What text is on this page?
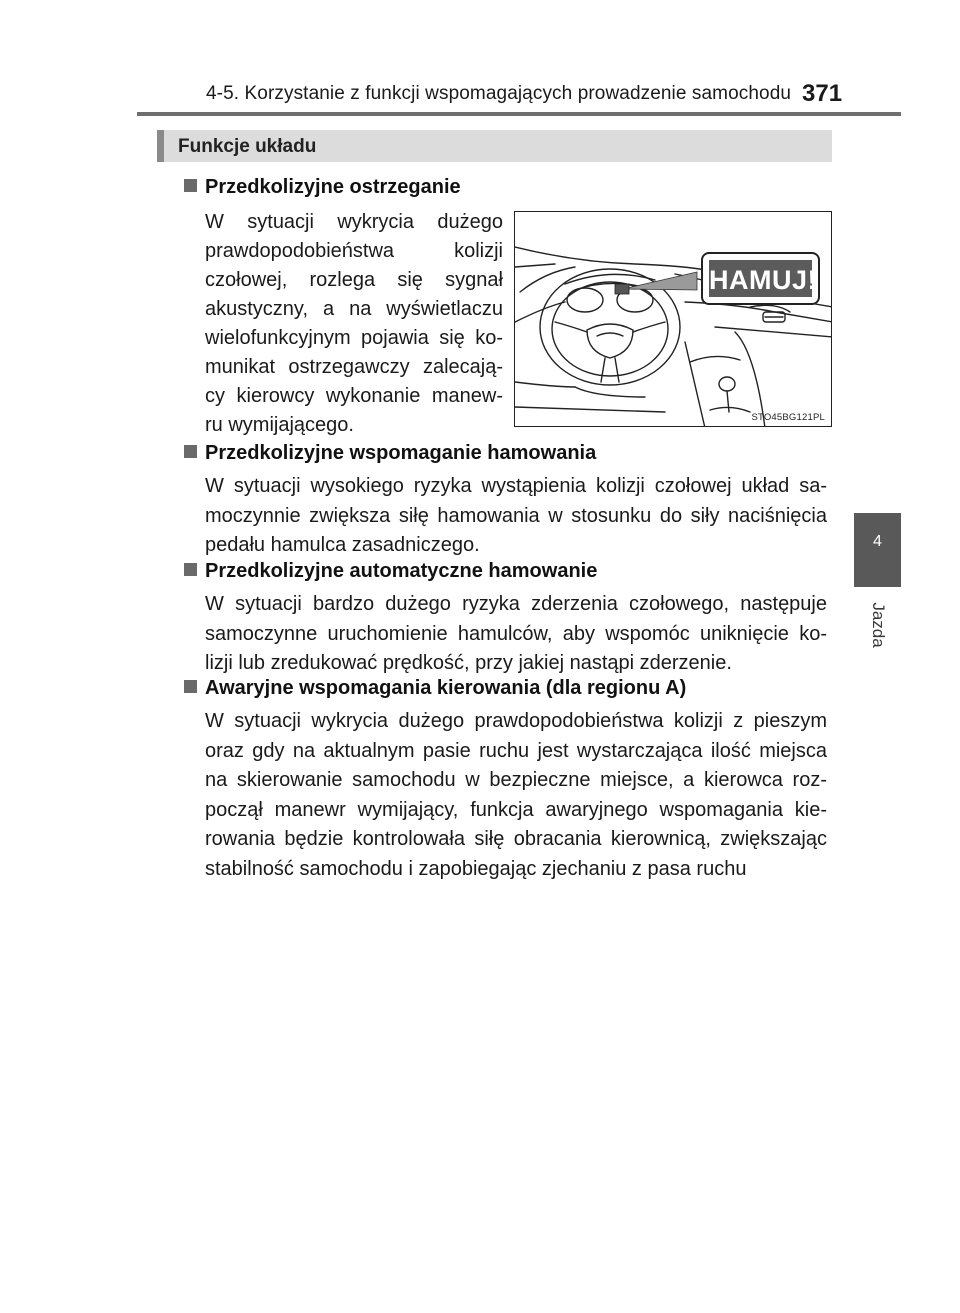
4-5. Korzystanie z funkcji wspomagających prowadzenie samochodu 371
Funkcje układu
4
Jazda
Przedkolizyjne ostrzeganie
W sytuacji wykrycia dużego
prawdopodobieństwa kolizji
czołowej, rozlega się sygnał
akustyczny, a na wyświetlaczu
wielofunkcyjnym pojawia się ko-
munikat ostrzegawczy zalecają-
cy kierowcy wykonanie manew-
ru wymijającego.
HAMUJ!
STO45BG121PL
Przedkolizyjne wspomaganie hamowania
W sytuacji wysokiego ryzyka wystąpienia kolizji czołowej układ sa-
moczynnie zwiększa siłę hamowania w stosunku do siły naciśnięcia
pedału hamulca zasadniczego.
Przedkolizyjne automatyczne hamowanie
W sytuacji bardzo dużego ryzyka zderzenia czołowego, następuje
samoczynne uruchomienie hamulców, aby wspomóc uniknięcie ko-
lizji lub zredukować prędkość, przy jakiej nastąpi zderzenie.
Awaryjne wspomagania kierowania (dla regionu A)
W sytuacji wykrycia dużego prawdopodobieństwa kolizji z pieszym
oraz gdy na aktualnym pasie ruchu jest wystarczająca ilość miejsca
na skierowanie samochodu w bezpieczne miejsce, a kierowca roz-
począł manewr wymijający, funkcja awaryjnego wspomagania kie-
rowania będzie kontrolowała siłę obracania kierownicą, zwiększając
stabilność samochodu i zapobiegając zjechaniu z pasa ruchu
